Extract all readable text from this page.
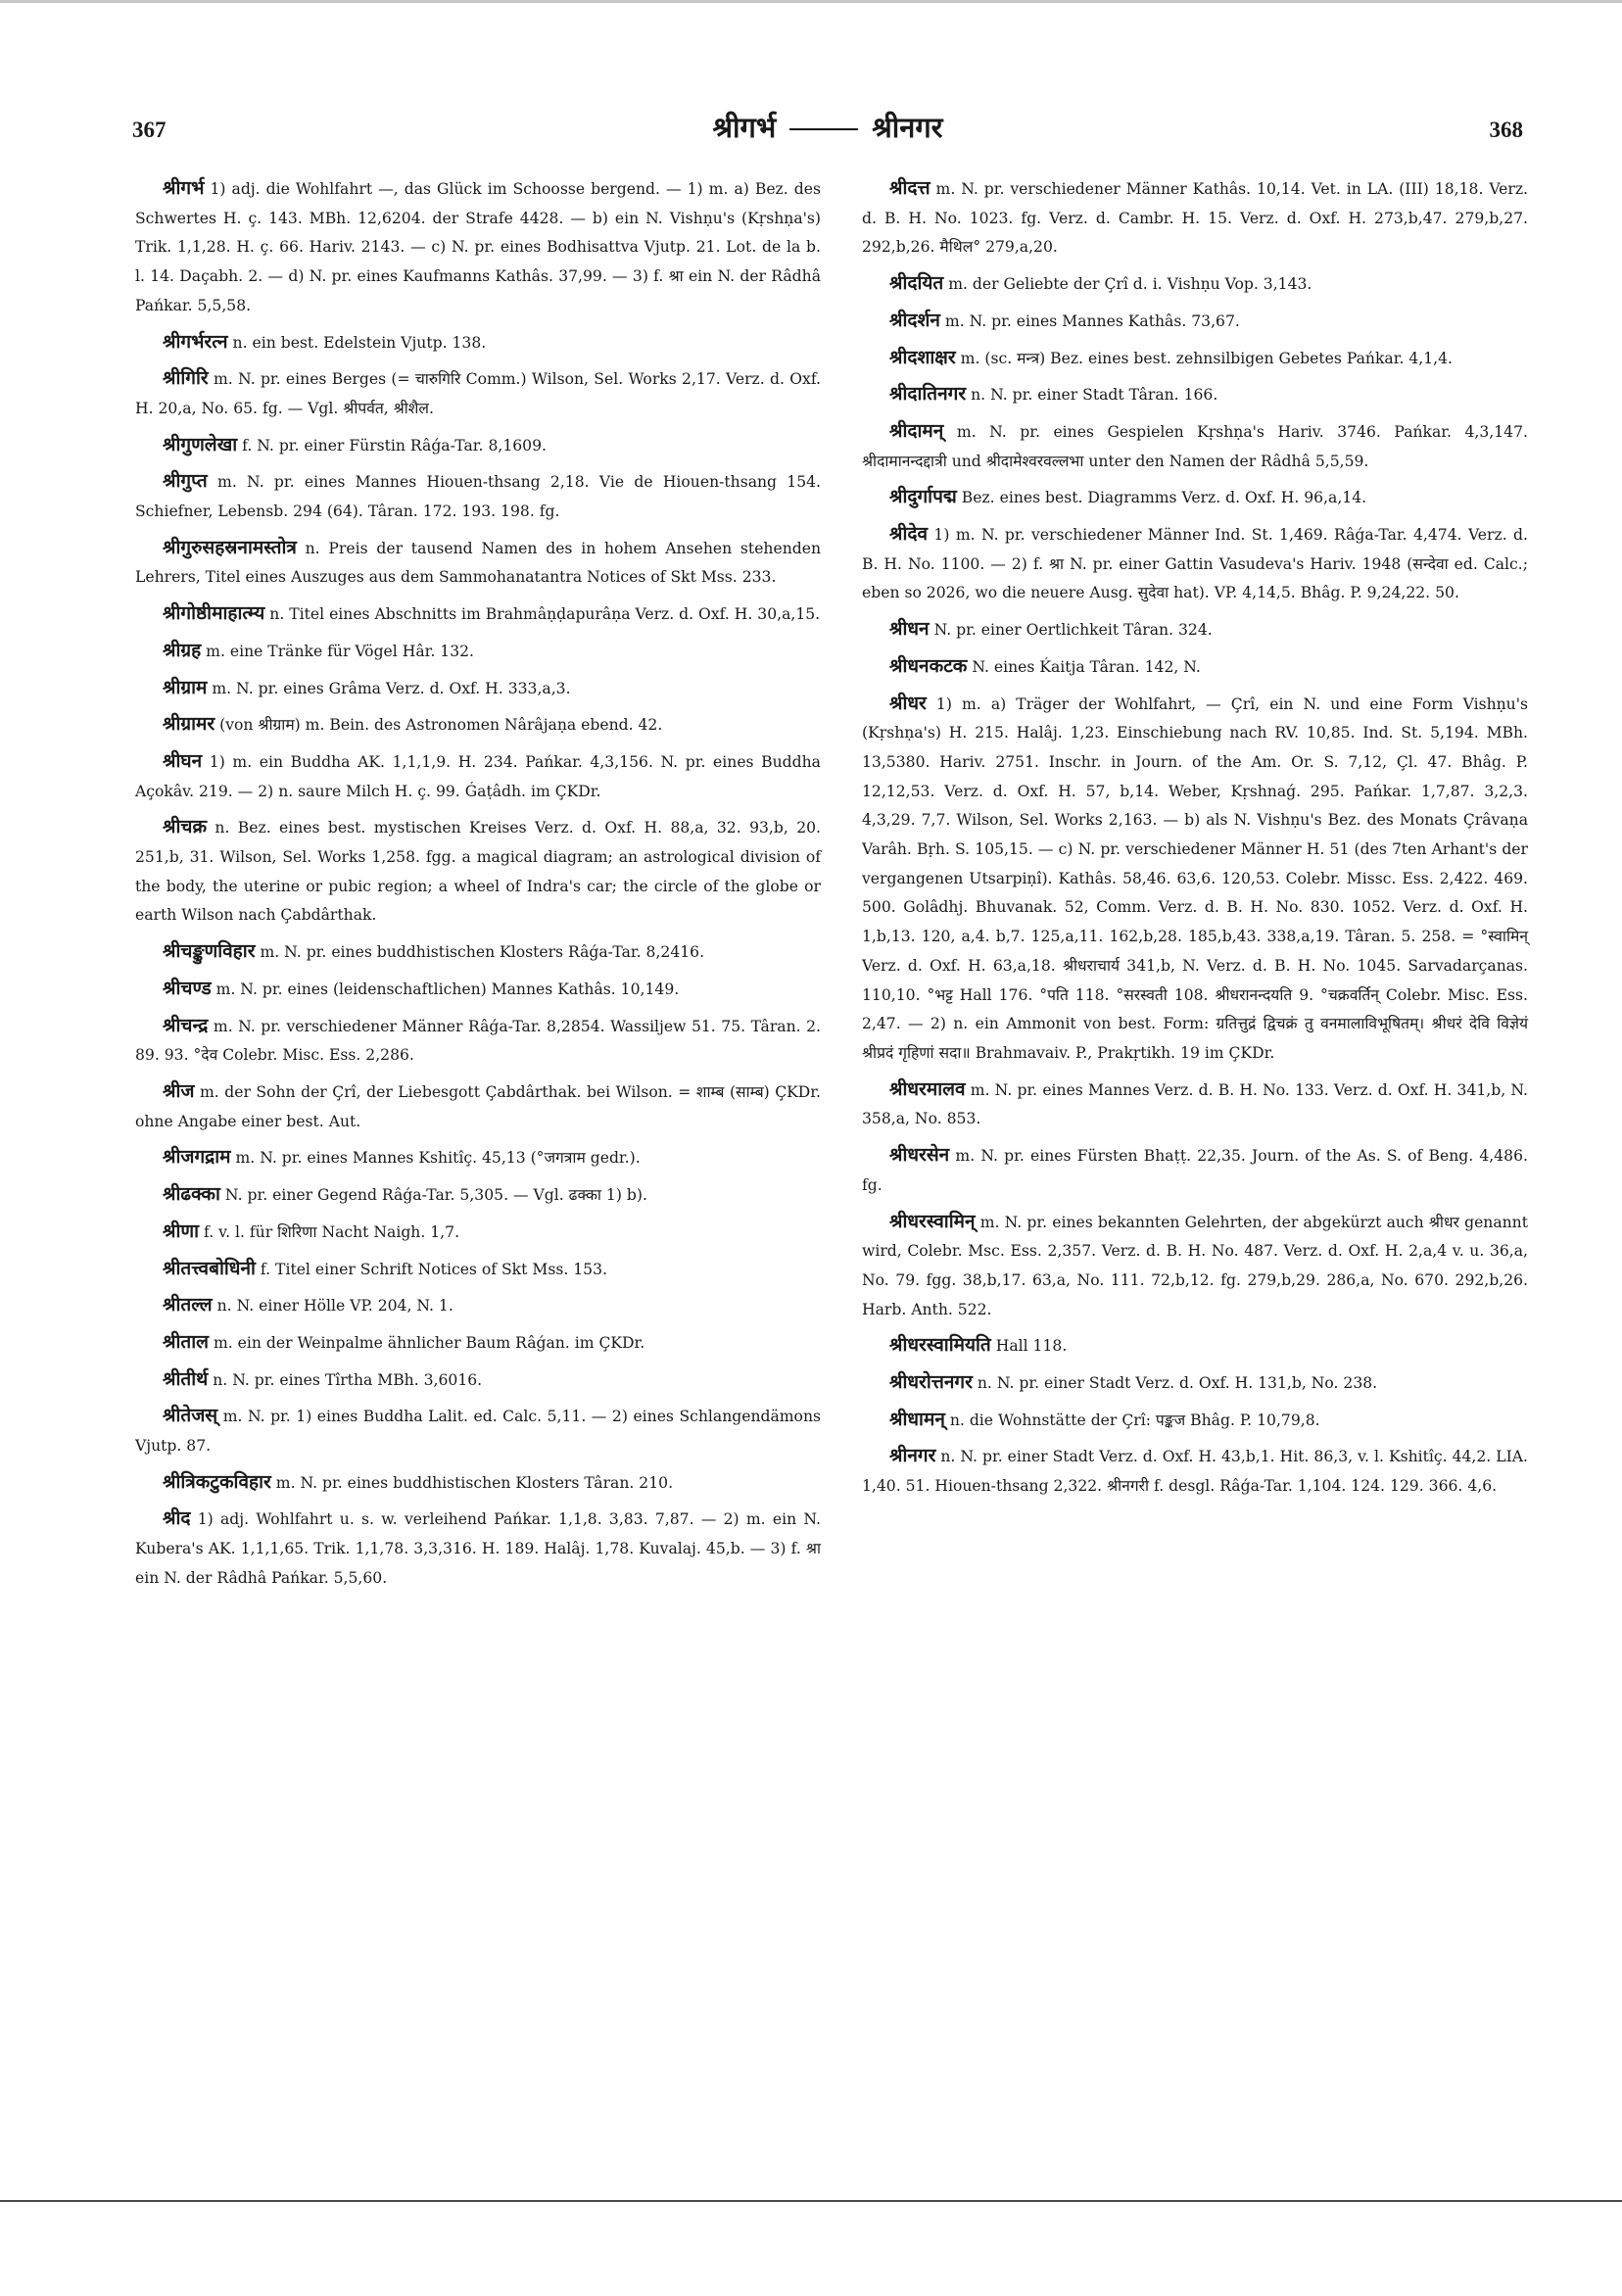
367	श्रीगर्भ	श्रीनगर	368

श्रीगर्भ 1) adj. die Wohlfahrt —, das Glück im Schoosse bergend. — 1) m. a) Bez. des Schwertes H. ç. 143. MBh. 12,6204. der Strafe 4428. — b) ein N. Vishṇu's (Kṛshṇa's) Trik. 1,1,28. H. ç. 66. Hariv. 2143. — c) N. pr. eines Bodhisattva Vjutp. 21. Lot. de la b. l. 14. Daçabh. 2. — d) N. pr. eines Kaufmanns Kathâs. 37,99. — 3) f. श्रा ein N. der Râdhâ Pańkar. 5,5,58.

श्रीगर्भरत्न n. ein best. Edelstein Vjutp. 138.

श्रीगिरि m. N. pr. eines Berges (= चारुगिरि Comm.) Wilson, Sel. Works 2,17. Verz. d. Oxf. H. 20,a, No. 65. fg. — Vgl. श्रीपर्वत, श्रीशैल.

श्रीगुणलेखा f. N. pr. einer Fürstin Râǵa-Tar. 8,1609.

श्रीगुप्त m. N. pr. eines Mannes Hiouen-thsang 2,18. Vie de Hiouen-thsang 154. Schiefner, Lebensb. 294 (64). Târan. 172. 193. 198. fg.

श्रीगुरुसहस्रनामस्तोत्र n. Preis der tausend Namen des in hohem Ansehen stehenden Lehrers, Titel eines Auszuges aus dem Sammohanatantra Notices of Skt Mss. 233.

श्रीगोष्ठीमाहात्म्य n. Titel eines Abschnitts im Brahmâṇḍapurâṇa Verz. d. Oxf. H. 30,a,15.

श्रीग्रह m. eine Tränke für Vögel Hâr. 132.

श्रीग्राम m. N. pr. eines Grâma Verz. d. Oxf. H. 333,a,3.

श्रीग्रामर (von श्रीग्राम) m. Bein. des Astronomen Nârâjaṇa ebend. 42.

श्रीघन 1) m. ein Buddha AK. 1,1,1,9. H. 234. Pańkar. 4,3,156. N. pr. eines Buddha Açokâv. 219. — 2) n. saure Milch H. ç. 99. Ǵaṭâdh. im ÇKDr.

श्रीचक्र n. Bez. eines best. mystischen Kreises Verz. d. Oxf. H. 88,a, 32. 93,b, 20. 251,b, 31. Wilson, Sel. Works 1,258. fgg. a magical diagram; an astrological division of the body, the uterine or pubic region; a wheel of Indra's car; the circle of the globe or earth Wilson nach Çabdârthak.

श्रीचङ्कुणविहार m. N. pr. eines buddhistischen Klosters Râǵa-Tar. 8,2416.

श्रीचण्ड m. N. pr. eines (leidenschaftlichen) Mannes Kathâs. 10,149.

श्रीचन्द्र m. N. pr. verschiedener Männer Râǵa-Tar. 8,2854. Wassiljew 51. 75. Târan. 2. 89. 93. °देव Colebr. Misc. Ess. 2,286.

श्रीज m. der Sohn der Çrî, der Liebesgott Çabdârthak. bei Wilson. = शाम्ब (साम्ब) ÇKDr. ohne Angabe einer best. Aut.

श्रीजगद्राम m. N. pr. eines Mannes Kshitîç. 45,13 (°जगत्राम gedr.).

श्रीढक्का N. pr. einer Gegend Râǵa-Tar. 5,305. — Vgl. ढक्का 1) b).

श्रीणा f. v. l. für शिरिणा Nacht Naigh. 1,7.

श्रीतत्त्वबोधिनी f. Titel einer Schrift Notices of Skt Mss. 153.

श्रीतल्ल n. N. einer Hölle VP. 204, N. 1.

श्रीताल m. ein der Weinpalme ähnlicher Baum Râǵan. im ÇKDr.

श्रीतीर्थ n. N. pr. eines Tîrtha MBh. 3,6016.

श्रीतेजस् m. N. pr. 1) eines Buddha Lalit. ed. Calc. 5,11. — 2) eines Schlangendämons Vjutp. 87.

श्रीत्रिकटुकविहार m. N. pr. eines buddhistischen Klosters Târan. 210.

श्रीद 1) adj. Wohlfahrt u. s. w. verleihend Pańkar. 1,1,8. 3,83. 7,87. — 2) m. ein N. Kubera's AK. 1,1,1,65. Trik. 1,1,78. 3,3,316. H. 189. Halâj. 1,78. Kuvalaj. 45,b. — 3) f. श्रा ein N. der Râdhâ Pańkar. 5,5,60.

श्रीदत्त m. N. pr. verschiedener Männer Kathâs. 10,14. Vet. in LA. (III) 18,18. Verz. d. B. H. No. 1023. fg. Verz. d. Cambr. H. 15. Verz. d. Oxf. H. 273,b,47. 279,b,27. 292,b,26. मैथिल° 279,a,20.

श्रीदयित m. der Geliebte der Çrî d. i. Vishṇu Vop. 3,143.

श्रीदर्शन m. N. pr. eines Mannes Kathâs. 73,67.

श्रीदशाक्षर m. (sc. मन्त्र) Bez. eines best. zehnsilbigen Gebetes Pańkar. 4,1,4.

श्रीदातिनगर n. N. pr. einer Stadt Târan. 166.

श्रीदामन् m. N. pr. eines Gespielen Kṛshṇa's Hariv. 3746. Pańkar. 4,3,147. श्रीदामानन्दद्दात्री und श्रीदामेश्वरवल्लभा unter den Namen der Râdhâ 5,5,59.

श्रीदुर्गापद्म Bez. eines best. Diagramms Verz. d. Oxf. H. 96,a,14.

श्रीदेव 1) m. N. pr. verschiedener Männer Ind. St. 1,469. Râǵa-Tar. 4,474. Verz. d. B. H. No. 1100. — 2) f. श्रा N. pr. einer Gattin Vasudeva's Hariv. 1948 (सन्देवा ed. Calc.; eben so 2026, wo die neuere Ausg. सुदेवा hat). VP. 4,14,5. Bhâg. P. 9,24,22. 50.

श्रीधन N. pr. einer Oertlichkeit Târan. 324.

श्रीधनकटक N. eines Ḱaitja Târan. 142, N.

श्रीधर 1) m. a) Träger der Wohlfahrt, — Çrî, ein N. und eine Form Vishṇu's (Kṛshṇa's) H. 215. Halâj. 1,23. Einschiebung nach RV. 10,85. Ind. St. 5,194. MBh. 13,5380. Hariv. 2751. Inschr. in Journ. of the Am. Or. S. 7,12, Çl. 47. Bhâg. P. 12,12,53. Verz. d. Oxf. H. 57, b,14. Weber, Kṛshnaǵ. 295. Pańkar. 1,7,87. 3,2,3. 4,3,29. 7,7. Wilson, Sel. Works 2,163. — b) als N. Vishṇu's Bez. des Monats Çrâvaṇa Varâh. Bṛh. S. 105,15. — c) N. pr. verschiedener Männer H. 51 (des 7ten Arhant's der vergangenen Utsarpiṇî). Kathâs. 58,46. 63,6. 120,53. Colebr. Missc. Ess. 2,422. 469. 500. Golâdhj. Bhuvanak. 52, Comm. Verz. d. B. H. No. 830. 1052. Verz. d. Oxf. H. 1,b,13. 120, a,4. b,7. 125,a,11. 162,b,28. 185,b,43. 338,a,19. Târan. 5. 258. = °स्वामिन् Verz. d. Oxf. H. 63,a,18. श्रीधराचार्य 341,b, N. Verz. d. B. H. No. 1045. Sarvadarçanas. 110,10. °भट्ट Hall 176. °पति 118. °सरस्वती 108. श्रीधरानन्दयति 9. °चक्रवर्तिन् Colebr. Misc. Ess. 2,47. — 2) n. ein Ammonit von best. Form: ग्रतित्तुद्रं द्विचक्रं तु वनमालाविभूषितम्। श्रीधरं देवि विज्ञेयं श्रीप्रदं गृहिणां सदा॥ Brahmavaiv. P., Prakṛtikh. 19 im ÇKDr.

श्रीधरमालव m. N. pr. eines Mannes Verz. d. B. H. No. 133. Verz. d. Oxf. H. 341,b, N. 358,a, No. 853.

श्रीधरसेन m. N. pr. eines Fürsten Bhaṭṭ. 22,35. Journ. of the As. S. of Beng. 4,486. fg.

श्रीधरस्वामिन् m. N. pr. eines bekannten Gelehrten, der abgekürzt auch श्रीधर genannt wird, Colebr. Msc. Ess. 2,357. Verz. d. B. H. No. 487. Verz. d. Oxf. H. 2,a,4 v. u. 36,a, No. 79. fgg. 38,b,17. 63,a, No. 111. 72,b,12. fg. 279,b,29. 286,a, No. 670. 292,b,26. Harb. Anth. 522.

श्रीधरस्वामियति Hall 118.

श्रीधरोत्तनगर n. N. pr. einer Stadt Verz. d. Oxf. H. 131,b, No. 238.

श्रीधामन् n. die Wohnstätte der Çrî: पङ्कज Bhâg. P. 10,79,8.

श्रीनगर n. N. pr. einer Stadt Verz. d. Oxf. H. 43,b,1. Hit. 86,3, v. l. Kshitîç. 44,2. LIA. 1,40. 51. Hiouen-thsang 2,322. श्रीनगरी f. desgl. Râǵa-Tar. 1,104. 124. 129. 366. 4,6.
